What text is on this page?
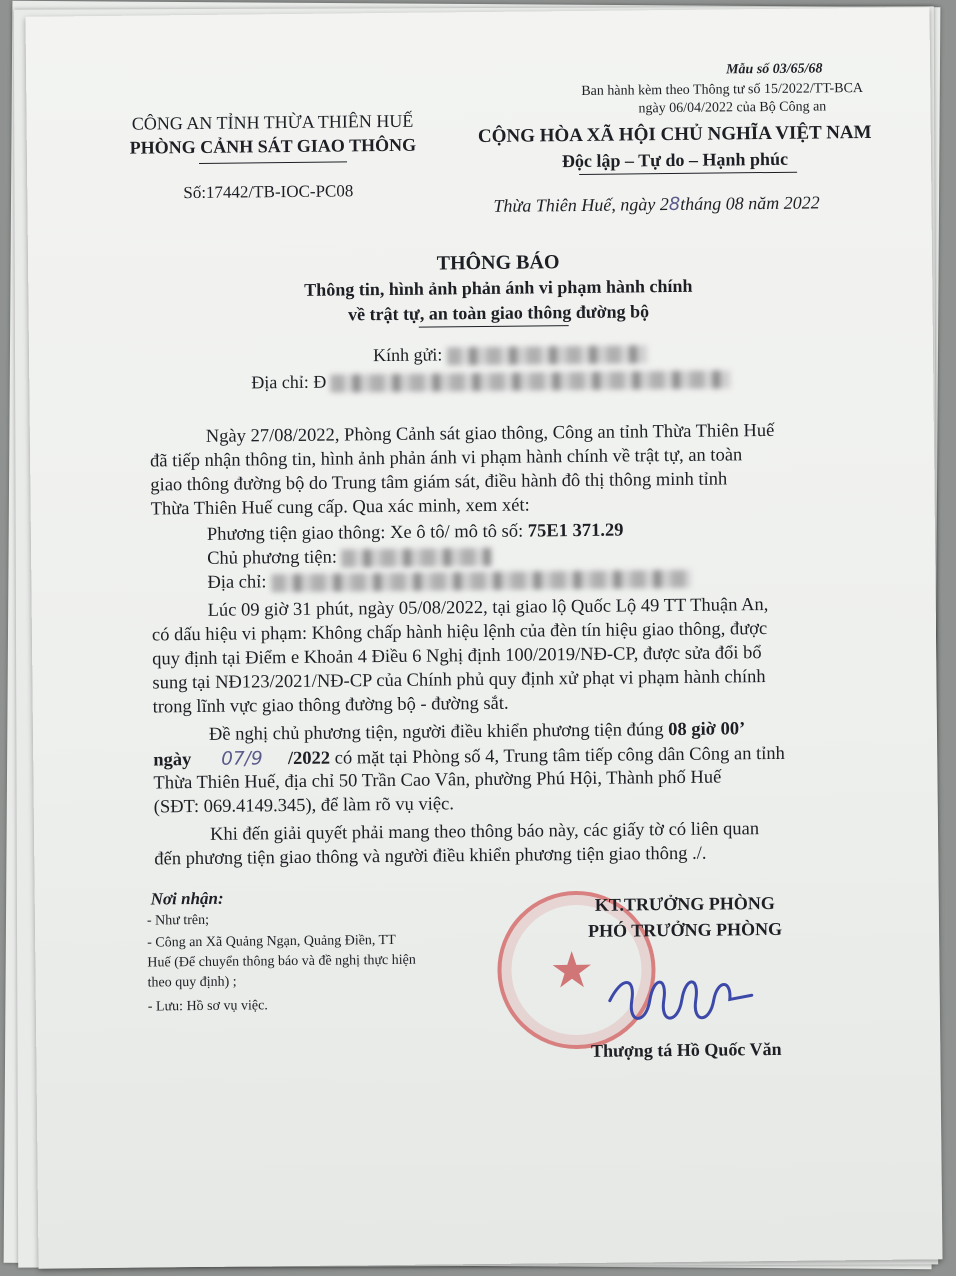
Mẫu số 03/65/68
Ban hành kèm theo Thông tư số 15/2022/TT-BCA
ngày 06/04/2022 của Bộ Công an
CÔNG AN TỈNH THỪA THIÊN HUẾ
PHÒNG CẢNH SÁT GIAO THÔNG
Số:17442/TB-IOC-PC08
CỘNG HÒA XÃ HỘI CHỦ NGHĨA VIỆT NAM
Độc lập – Tự do – Hạnh phúc
Thừa Thiên Huế, ngày 28tháng 08 năm 2022
THÔNG BÁO
Thông tin, hình ảnh phản ánh vi phạm hành chính
về trật tự, an toàn giao thông đường bộ
Kính gửi:
Địa chỉ: Đ
Ngày 27/08/2022, Phòng Cảnh sát giao thông, Công an tỉnh Thừa Thiên Huế
đã tiếp nhận thông tin, hình ảnh phản ánh vi phạm hành chính về trật tự, an toàn
giao thông đường bộ do Trung tâm giám sát, điều hành đô thị thông minh tỉnh
Thừa Thiên Huế cung cấp. Qua xác minh, xem xét:
Phương tiện giao thông: Xe ô tô/ mô tô số: 75E1 371.29
Chủ phương tiện:
Địa chỉ:
Lúc 09 giờ 31 phút, ngày 05/08/2022, tại giao lộ Quốc Lộ 49 TT Thuận An,
có dấu hiệu vi phạm: Không chấp hành hiệu lệnh của đèn tín hiệu giao thông, được
quy định tại Điểm e Khoản 4 Điều 6 Nghị định 100/2019/NĐ-CP, được sửa đổi bổ
sung tại NĐ123/2021/NĐ-CP của Chính phủ quy định xử phạt vi phạm hành chính
trong lĩnh vực giao thông đường bộ - đường sắt.
Đề nghị chủ phương tiện, người điều khiển phương tiện đúng 08 giờ 00’
ngày 07/9 /2022 có mặt tại Phòng số 4, Trung tâm tiếp công dân Công an tỉnh
Thừa Thiên Huế, địa chỉ 50 Trần Cao Vân, phường Phú Hội, Thành phố Huế
(SĐT: 069.4149.345), để làm rõ vụ việc.
Khi đến giải quyết phải mang theo thông báo này, các giấy tờ có liên quan
đến phương tiện giao thông và người điều khiển phương tiện giao thông ./.
Nơi nhận:
- Như trên;
- Công an Xã Quảng Ngạn, Quảng Điền, TT
Huế (Để chuyển thông báo và đề nghị thực hiện
theo quy định) ;
- Lưu: Hồ sơ vụ việc.
★
KT.TRƯỞNG PHÒNG
PHÓ TRƯỞNG PHÒNG
Thượng tá Hồ Quốc Văn
